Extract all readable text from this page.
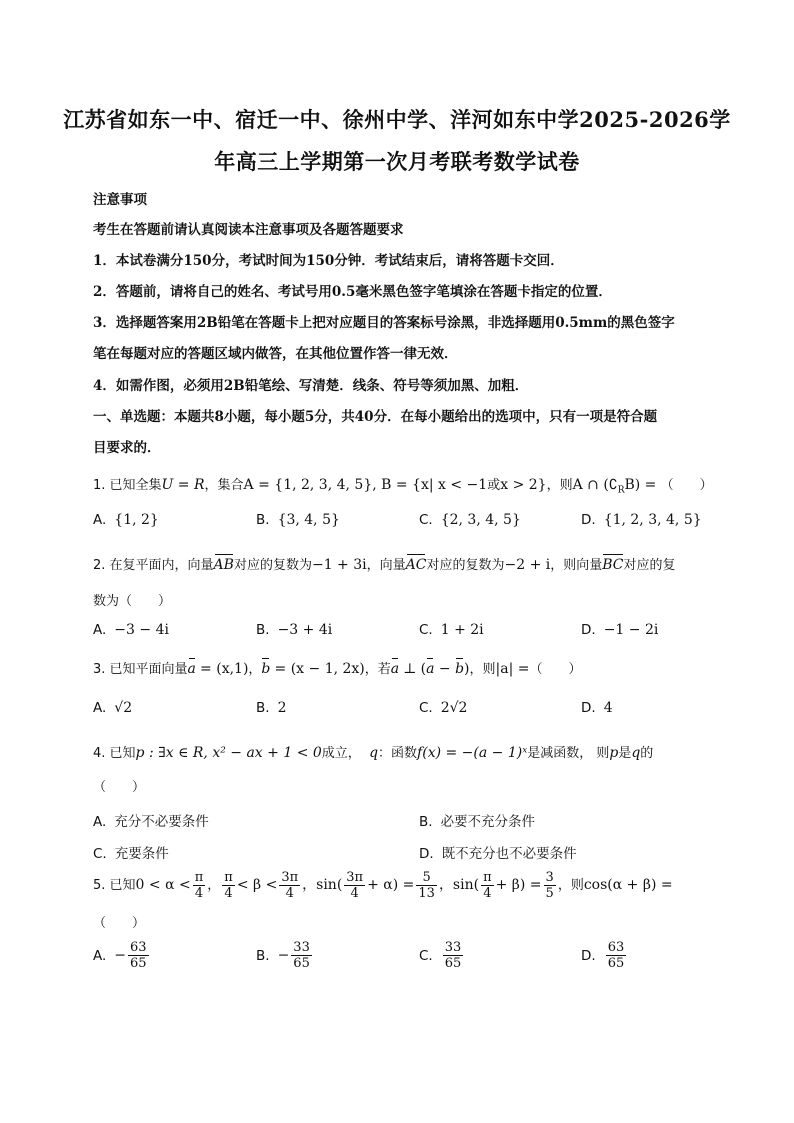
江苏省如东一中、宿迁一中、徐州中学、洋河如东中学2025-2026学
年高三上学期第一次月考联考数学试卷
注意事项
考生在答题前请认真阅读本注意事项及各题答题要求
1．本试卷满分150分，考试时间为150分钟．考试结束后，请将答题卡交回．
2．答题前，请将自己的姓名、考试号用0.5毫米黑色签字笔填涂在答题卡指定的位置．
3．选择题答案用2B铅笔在答题卡上把对应题目的答案标号涂黑，非选择题用0.5mm的黑色签字
笔在每题对应的答题区域内做答，在其他位置作答一律无效．
4．如需作图，必须用2B铅笔绘、写清楚．线条、符号等须加黑、加粗．
一、单选题：本题共8小题，每小题5分，共40分．在每小题给出的选项中，只有一项是符合题
目要求的．
1. 已知全集U = R，集合A = {1, 2, 3, 4, 5}, B = {x| x < −1或x > 2}，则A ∩ $(∁_RB)$ = （　　）
A. {1, 2}	B. {3, 4, 5}	C. {2, 3, 4, 5}	D. {1, 2, 3, 4, 5}
2. 在复平面内，向量AB对应的复数为−1 + 3i，向量AC对应的复数为−2 + i，则向量BC对应的复
数为（　　）
A. −3 − 4i	B. −3 + 4i	C. 1 + 2i	D. −1 − 2i
3. 已知平面向量a = (x,1)，b = (x − 1, 2x)，若a ⊥ (a − b)，则|a| =（　　）
A. √2	B. 2	C. 2√2	D. 4
4. 已知p : ∃x ∈ R, x² − ax + 1 < 0成立， q：函数f(x) = −(a − 1)ˣ是减函数， 则p是q的
（　　）
A. 充分不必要条件	B. 必要不充分条件
C. 充要条件	D. 既不充分也不必要条件
5. 已知$0 < \alpha < \frac{\pi}{4}$ ， $\frac{\pi}{4} < \beta < \frac{3\pi}{4}$ ，$\sin( \frac{3\pi}{4} + \alpha) = \frac{5}{13}$ ，$\sin( \frac{\pi}{4} + \beta) = \frac{3}{5}$ ，则cos(α + β) =
（　　）
A. − $\frac{63}{65}$	B. − $\frac{33}{65}$	C. $\frac{33}{65}$	D. $\frac{63}{65}$
